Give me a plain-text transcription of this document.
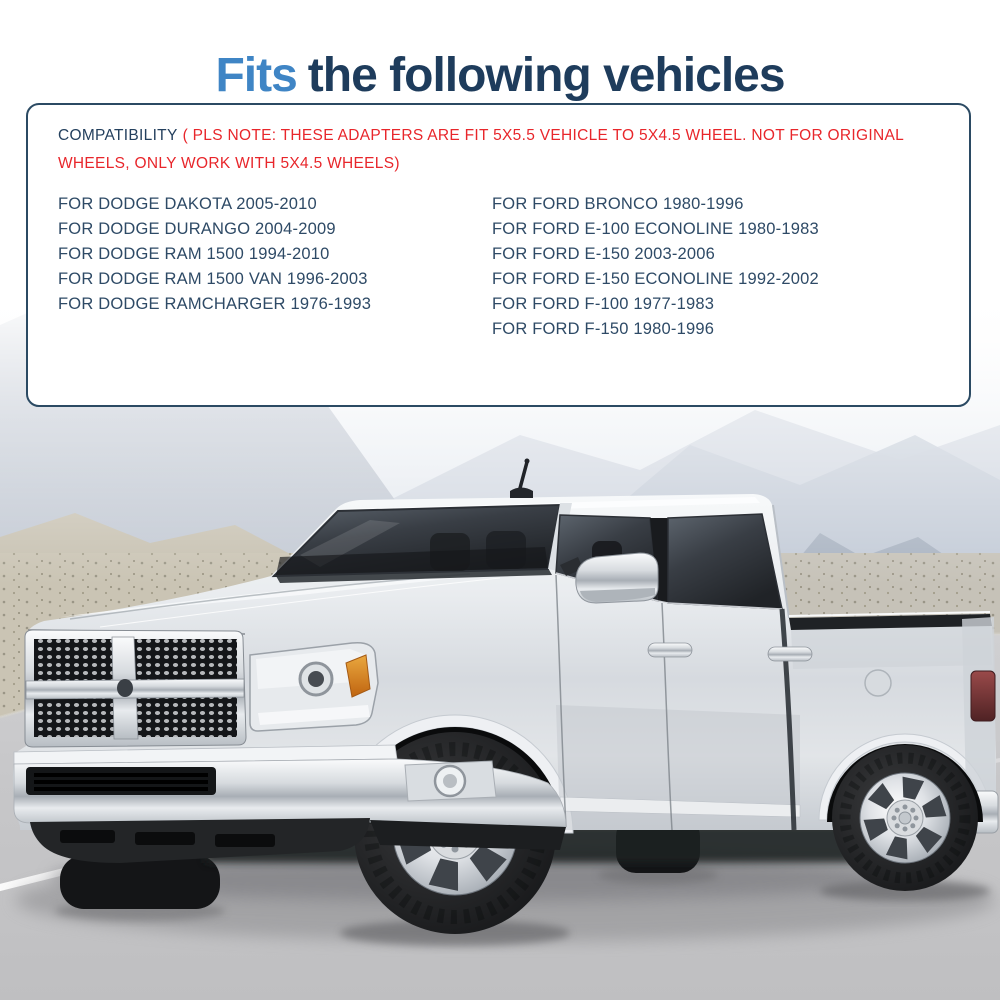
Fits the following vehicles

COMPATIBILITY ( PLS NOTE: THESE ADAPTERS ARE FIT 5X5.5 VEHICLE TO 5X4.5 WHEEL. NOT FOR ORIGINAL WHEELS, ONLY WORK WITH 5X4.5 WHEELS)

FOR DODGE DAKOTA 2005-2010
FOR DODGE DURANGO 2004-2009
FOR DODGE RAM 1500 1994-2010
FOR DODGE RAM 1500 VAN 1996-2003
FOR DODGE RAMCHARGER 1976-1993
FOR FORD BRONCO 1980-1996
FOR FORD E-100 ECONOLINE 1980-1983
FOR FORD E-150 2003-2006
FOR FORD E-150 ECONOLINE 1992-2002
FOR FORD F-100 1977-1983
FOR FORD F-150 1980-1996
